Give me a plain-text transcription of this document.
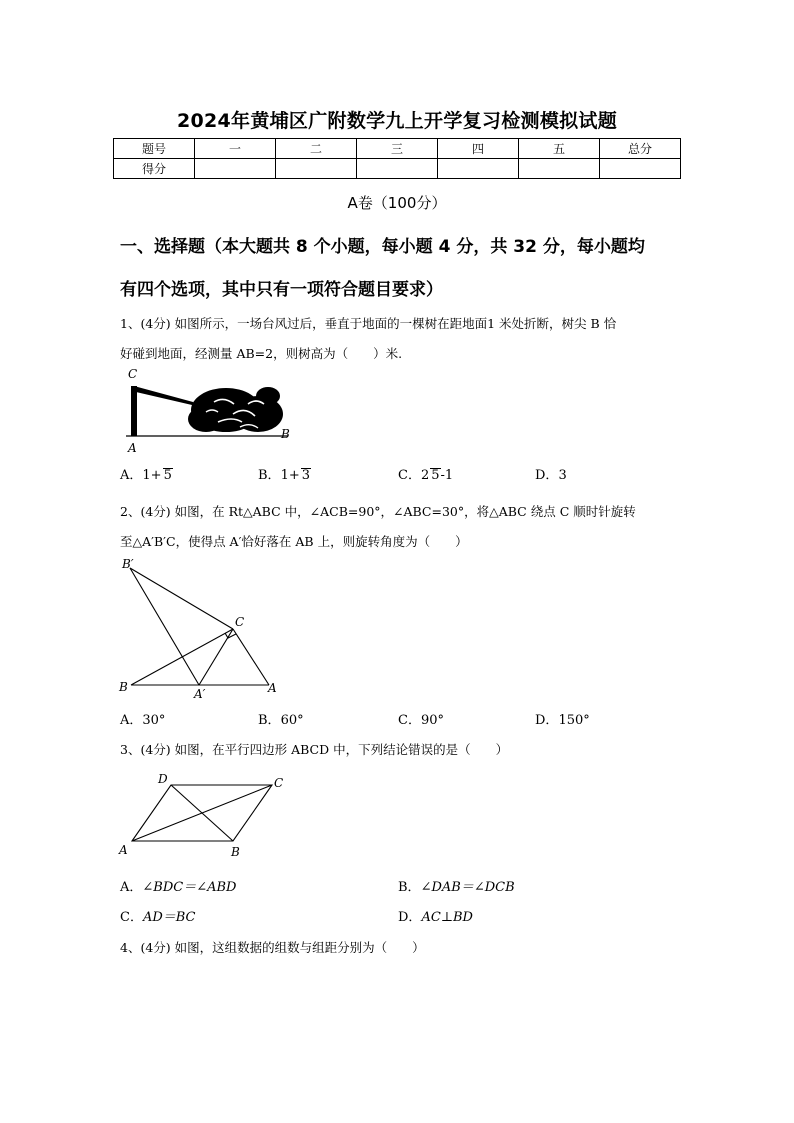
2024年黄埔区广附数学九上开学复习检测模拟试题
题号	一	二	三	四	五	总分
得分						
A卷（100分）
一、选择题（本大题共 8 个小题，每小题 4 分，共 32 分，每小题均
有四个选项，其中只有一项符合题目要求）
1、(4分) 如图所示，一场台风过后，垂直于地面的一棵树在距地面1 米处折断，树尖 B 恰
好碰到地面，经测量 AB=2，则树高为（　　）米.
C
A
B
A．1+ 5	B．1+ 3	C．2 5-1	D．3
2、(4分) 如图，在 Rt△ABC 中，∠ACB=90°，∠ABC=30°，将△ABC 绕点 C 顺时针旋转
至△A′B′C，使得点 A′恰好落在 AB 上，则旋转角度为（　　）
B′
C
B	A′	A
A．30°	B．60°	C．90°	D．150°
3、(4分) 如图，在平行四边形 ABCD 中，下列结论错误的是（　　）
D	C
A	B
A．∠BDC＝∠ABD	B．∠DAB＝∠DCB
C．AD＝BC	D．AC⊥BD
4、(4分) 如图，这组数据的组数与组距分别为（　　）
